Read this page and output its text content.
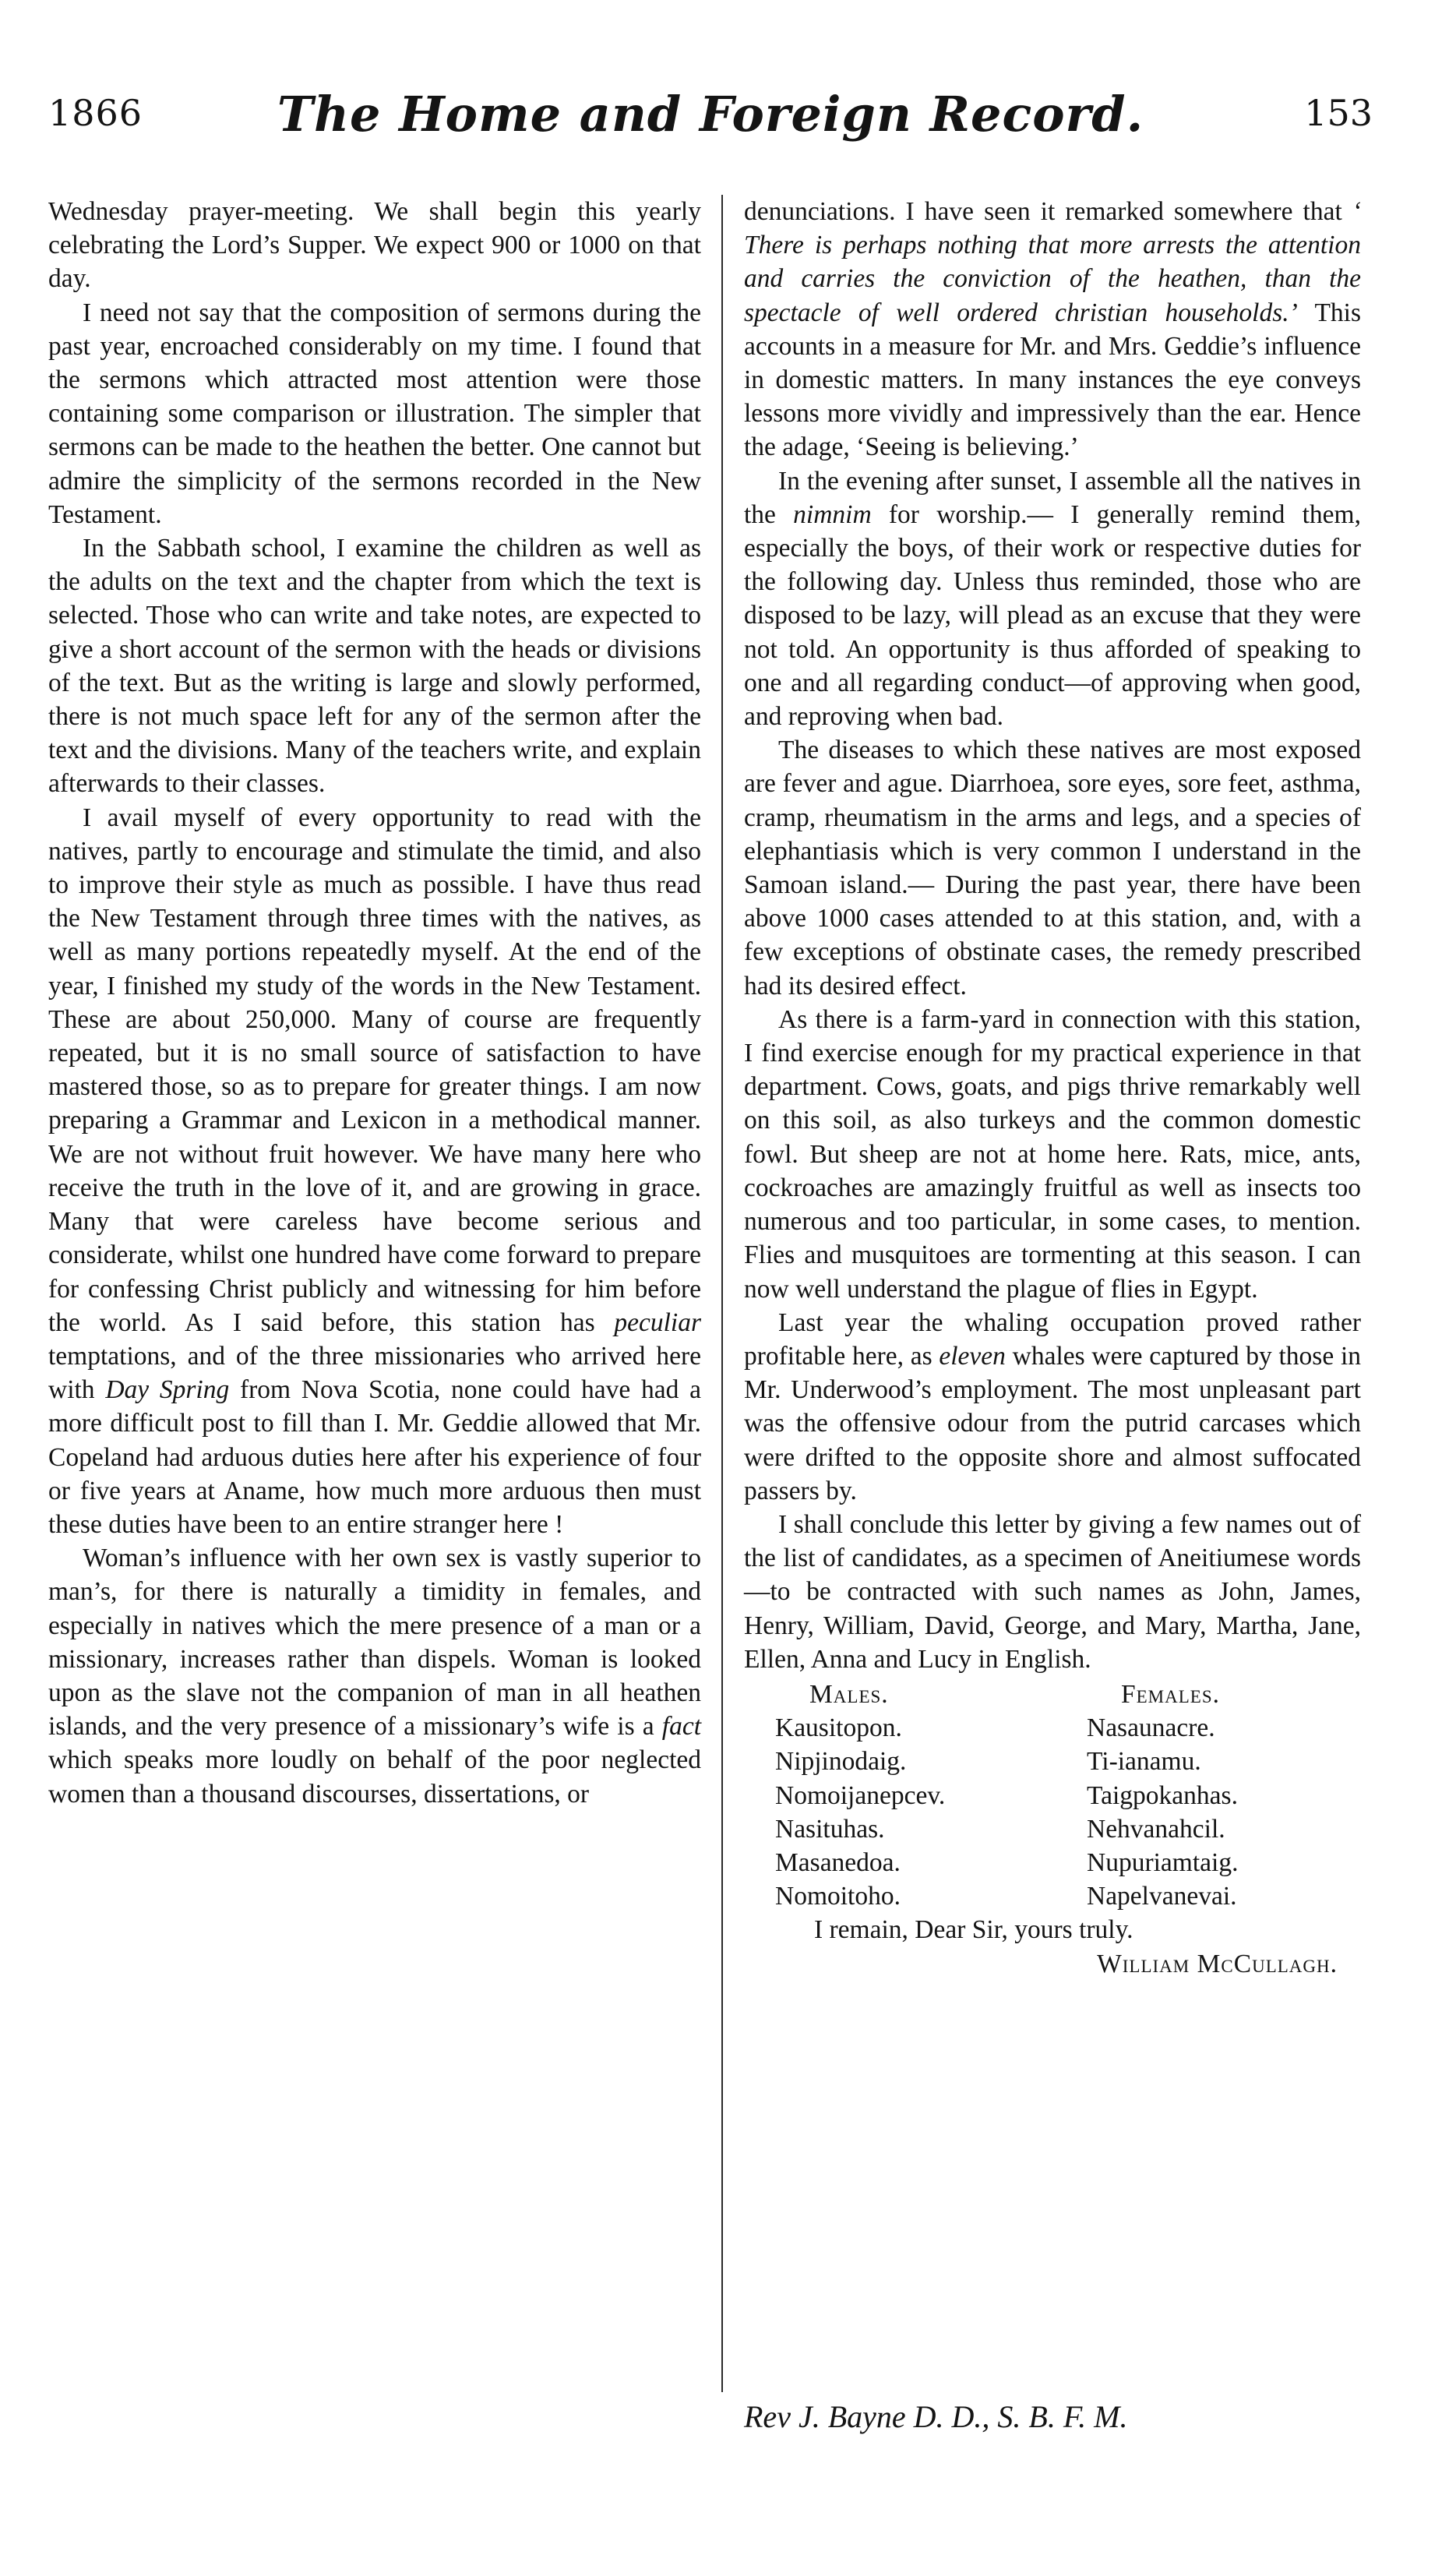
1866	The Home and Foreign Record.	153

Wednesday prayer-meeting. We shall begin this yearly celebrating the Lord’s Supper. We expect 900 or 1000 on that day.

I need not say that the composition of sermons during the past year, encroached considerably on my time. I found that the sermons which attracted most attention were those containing some comparison or illustration. The simpler that sermons can be made to the heathen the better. One cannot but admire the simplicity of the sermons recorded in the New Testament.

In the Sabbath school, I examine the children as well as the adults on the text and the chapter from which the text is selected. Those who can write and take notes, are expected to give a short account of the sermon with the heads or divisions of the text. But as the writing is large and slowly performed, there is not much space left for any of the sermon after the text and the divisions. Many of the teachers write, and explain afterwards to their classes.

I avail myself of every opportunity to read with the natives, partly to encourage and stimulate the timid, and also to improve their style as much as possible. I have thus read the New Testament through three times with the natives, as well as many portions repeatedly myself. At the end of the year, I finished my study of the words in the New Testament. These are about 250,000. Many of course are frequently repeated, but it is no small source of satisfaction to have mastered those, so as to prepare for greater things. I am now preparing a Grammar and Lexicon in a methodical manner. We are not without fruit however. We have many here who receive the truth in the love of it, and are growing in grace. Many that were careless have become serious and considerate, whilst one hundred have come forward to prepare for confessing Christ publicly and witnessing for him before the world. As I said before, this station has peculiar temptations, and of the three missionaries who arrived here with Day Spring from Nova Scotia, none could have had a more difficult post to fill than I. Mr. Geddie allowed that Mr. Copeland had arduous duties here after his experience of four or five years at Aname, how much more arduous then must these duties have been to an entire stranger here !

Woman’s influence with her own sex is vastly superior to man’s, for there is naturally a timidity in females, and especially in natives which the mere presence of a man or a missionary, increases rather than dispels. Woman is looked upon as the slave not the companion of man in all heathen islands, and the very presence of a missionary’s wife is a fact which speaks more loudly on behalf of the poor neglected women than a thousand discourses, dissertations, or

denunciations. I have seen it remarked somewhere that ‘ There is perhaps nothing that more arrests the attention and carries the conviction of the heathen, than the spectacle of well ordered christian households.’ This accounts in a measure for Mr. and Mrs. Geddie’s influence in domestic matters. In many instances the eye conveys lessons more vividly and impressively than the ear. Hence the adage, ‘Seeing is believing.’

In the evening after sunset, I assemble all the natives in the nimnim for worship.— I generally remind them, especially the boys, of their work or respective duties for the following day. Unless thus reminded, those who are disposed to be lazy, will plead as an excuse that they were not told. An opportunity is thus afforded of speaking to one and all regarding conduct—of approving when good, and reproving when bad.

The diseases to which these natives are most exposed are fever and ague. Diarrhoea, sore eyes, sore feet, asthma, cramp, rheumatism in the arms and legs, and a species of elephantiasis which is very common I understand in the Samoan island.— During the past year, there have been above 1000 cases attended to at this station, and, with a few exceptions of obstinate cases, the remedy prescribed had its desired effect.

As there is a farm-yard in connection with this station, I find exercise enough for my practical experience in that department. Cows, goats, and pigs thrive remarkably well on this soil, as also turkeys and the common domestic fowl. But sheep are not at home here. Rats, mice, ants, cockroaches are amazingly fruitful as well as insects too numerous and too particular, in some cases, to mention. Flies and musquitoes are tormenting at this season. I can now well understand the plague of flies in Egypt.

Last year the whaling occupation proved rather profitable here, as eleven whales were captured by those in Mr. Underwood’s employment. The most unpleasant part was the offensive odour from the putrid carcases which were drifted to the opposite shore and almost suffocated passers by.

I shall conclude this letter by giving a few names out of the list of candidates, as a specimen of Aneitiumese words—to be contracted with such names as John, James, Henry, William, David, George, and Mary, Martha, Jane, Ellen, Anna and Lucy in English.

Males.	Females.
Kausitopon.	Nasaunacre.
Nipjinodaig.	Ti-ianamu.
Nomoijanepcev.	Taigpokanhas.
Nasituhas.	Nehvanahcil.
Masanedoa.	Nupuriamtaig.
Nomoitoho.	Napelvanevai.

I remain, Dear Sir, yours truly.

William McCullagh.

Rev J. Bayne D. D., S. B. F. M.
